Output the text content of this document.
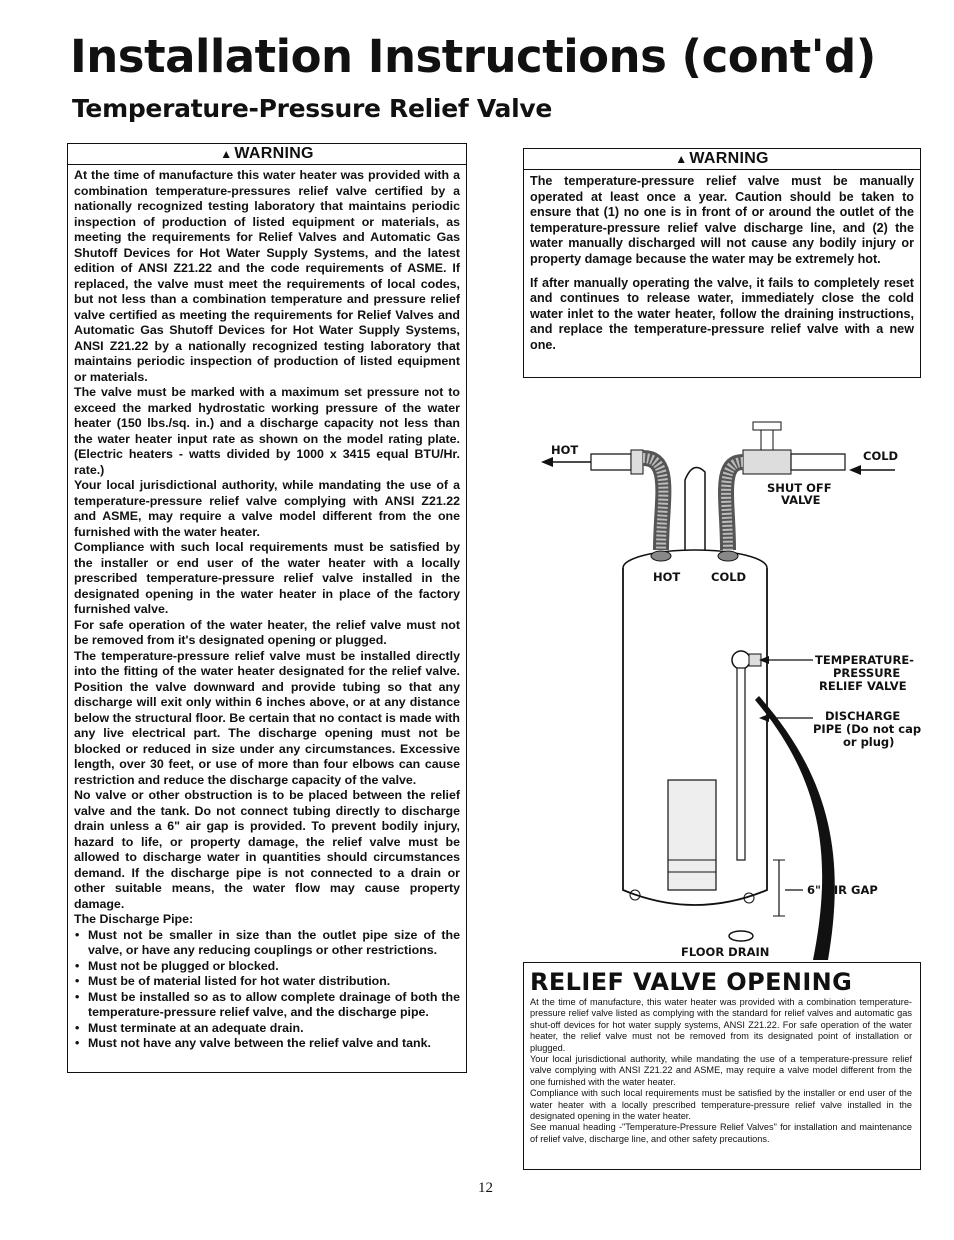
Installation Instructions (cont'd)
Temperature-Pressure Relief Valve
▲ WARNING

At the time of manufacture this water heater was provided with a combination temperature-pressures relief valve certified by a nationally recognized testing laboratory that maintains periodic inspection of production of listed equipment or materials, as meeting the requirements for Relief Valves and Automatic Gas Shutoff Devices for Hot Water Supply Systems, and the latest edition of ANSI Z21.22 and the code requirements of ASME. If replaced, the valve must meet the requirements of local codes, but not less than a combination temperature and pressure relief valve certified as meeting the requirements for Relief Valves and Automatic Gas Shutoff Devices for Hot Water Supply Systems, ANSI Z21.22 by a nationally recognized testing laboratory that maintains periodic inspection of production of listed equipment or materials.

The valve must be marked with a maximum set pressure not to exceed the marked hydrostatic working pressure of the water heater (150 lbs./sq. in.) and a discharge capacity not less than the water heater input rate as shown on the model rating plate. (Electric heaters - watts divided by 1000 x 3415 equal BTU/Hr. rate.)

Your local jurisdictional authority, while mandating the use of a temperature-pressure relief valve complying with ANSI Z21.22 and ASME, may require a valve model different from the one furnished with the water heater.

Compliance with such local requirements must be satisfied by the installer or end user of the water heater with a locally prescribed temperature-pressure relief valve installed in the designated opening in the water heater in place of the factory furnished valve.

For safe operation of the water heater, the relief valve must not be removed from it's designated opening or plugged.

The temperature-pressure relief valve must be installed directly into the fitting of the water heater designated for the relief valve. Position the valve downward and provide tubing so that any discharge will exit only within 6 inches above, or at any distance below the structural floor. Be certain that no contact is made with any live electrical part. The discharge opening must not be blocked or reduced in size under any circumstances. Excessive length, over 30 feet, or use of more than four elbows can cause restriction and reduce the discharge capacity of the valve.

No valve or other obstruction is to be placed between the relief valve and the tank. Do not connect tubing directly to discharge drain unless a 6" air gap is provided. To prevent bodily injury, hazard to life, or property damage, the relief valve must be allowed to discharge water in quantities should circumstances demand. If the discharge pipe is not connected to a drain or other suitable means, the water flow may cause property damage.

The Discharge Pipe:

• Must not be smaller in size than the outlet pipe size of the valve, or have any reducing couplings or other restrictions.
• Must not be plugged or blocked.
• Must be of material listed for hot water distribution.
• Must be installed so as to allow complete drainage of both the temperature-pressure relief valve, and the discharge pipe.
• Must terminate at an adequate drain.
• Must not have any valve between the relief valve and tank.
▲ WARNING

The temperature-pressure relief valve must be manually operated at least once a year. Caution should be taken to ensure that (1) no one is in front of or around the outlet of the temperature-pressure relief valve discharge line, and (2) the water manually discharged will not cause any bodily injury or property damage because the water may be extremely hot.

If after manually operating the valve, it fails to completely reset and continues to release water, immediately close the cold water inlet to the water heater, follow the draining instructions, and replace the temperature-pressure relief valve with a new one.

HOT	COLD
SHUT OFF
VALVE
HOT	COLD
TEMPERATURE-
PRESSURE
RELIEF VALVE
DISCHARGE
PIPE (Do not cap
or plug)
6" AIR GAP
FLOOR DRAIN
RELIEF VALVE OPENING

At the time of manufacture, this water heater was provided with a combination temperature-pressure relief valve listed as complying with the standard for relief valves and automatic gas shut-off devices for hot water supply systems, ANSI Z21.22. For safe operation of the water heater, the relief valve must not be removed from its designated point of installation or plugged.

Your local jurisdictional authority, while mandating the use of a temperature-pressure relief valve complying with ANSI Z21.22 and ASME, may require a valve model different from the one furnished with the water heater.

Compliance with such local requirements must be satisfied by the installer or end user of the water heater with a locally prescribed temperature-pressure relief valve installed in the designated opening in the water heater.

See manual heading -"Temperature-Pressure Relief Valves" for installation and maintenance of relief valve, discharge line, and other safety precautions.

12
